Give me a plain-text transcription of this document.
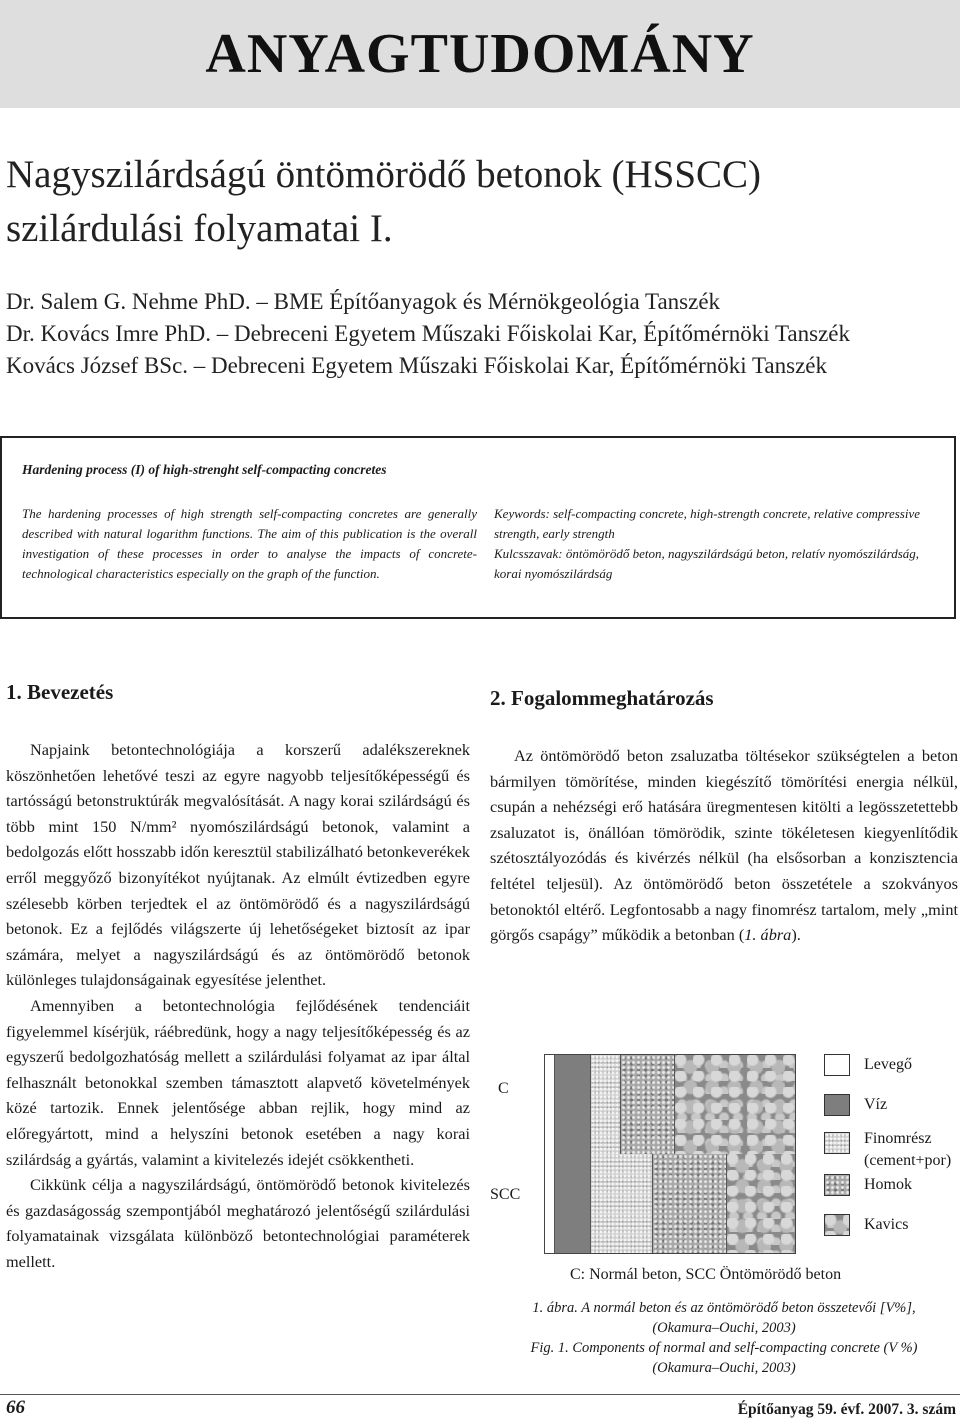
ANYAGTUDOMÁNY
Nagyszilárdságú öntömörödő betonok (HSSCC)
szilárdulási folyamatai I.
Dr. Salem G. Nehme PhD. – BME Építőanyagok és Mérnökgeológia Tanszék
Dr. Kovács Imre PhD. – Debreceni Egyetem Műszaki Főiskolai Kar, Építőmérnöki Tanszék
Kovács József BSc. – Debreceni Egyetem Műszaki Főiskolai Kar, Építőmérnöki Tanszék
Hardening process (I) of high-strenght self-compacting concretes
The hardening processes of high strength self-compacting concretes are generally described with natural logarithm functions. The aim of this publication is the overall investigation of these processes in order to analyse the impacts of concrete-technological characteristics especially on the graph of the function.
Keywords: self-compacting concrete, high-strength concrete, relative compressive strength, early strength
Kulcsszavak: öntömörödő beton, nagyszilárdságú beton, relatív nyomószilárdság, korai nyomószilárdság
1. Bevezetés	2. Fogalommeghatározás

Napjaink betontechnológiája a korszerű adalékszereknek köszönhetően lehetővé teszi az egyre nagyobb teljesítőképességű és tartósságú betonstruktúrák megvalósítását. A nagy korai szilárdságú és több mint 150 N/mm² nyomószilárdságú betonok, valamint a bedolgozás előtt hosszabb időn keresztül stabilizálható betonkeverékek erről meggyőző bizonyítékot nyújtanak. Az elmúlt évtizedben egyre szélesebb körben terjedtek el az öntömörödő és a nagyszilárdságú betonok. Ez a fejlődés világszerte új lehetőségeket biztosít az ipar számára, melyet a nagyszilárdságú és az öntömörödő betonok különleges tulajdonságainak egyesítése jelenthet.

Amennyiben a betontechnológia fejlődésének tendenciáit figyelemmel kísérjük, ráébredünk, hogy a nagy teljesítőképesség és az egyszerű bedolgozhatóság mellett a szilárdulási folyamat az ipar által felhasznált betonokkal szemben támasztott alapvető követelmények közé tartozik. Ennek jelentősége abban rejlik, hogy mind az előregyártott, mind a helyszíni betonok esetében a nagy korai szilárdság a gyártás, valamint a kivitelezés idejét csökkentheti.

Cikkünk célja a nagyszilárdságú, öntömörödő betonok kivitelezés és gazdaságosság szempontjából meghatározó jelentőségű szilárdulási folyamatainak vizsgálata különböző betontechnológiai paraméterek mellett.

Az öntömörödő beton zsaluzatba töltésekor szükségtelen a beton bármilyen tömörítése, minden kiegészítő tömörítési energia nélkül, csupán a nehézségi erő hatására üregmentesen kitölti a legösszetettebb zsaluzatot is, önállóan tömörödik, szinte tökéletesen kiegyenlítődik szétosztályozódás és kivérzés nélkül (ha elsősorban a konzisztencia feltétel teljesül). Az öntömörödő beton összetétele a szokványos betonoktól eltérő. Legfontosabb a nagy finomrész tartalom, mely „mint görgős csapágy” működik a betonban (1. ábra).

C
SCC
Levegő
Víz
Finomrész (cement+por)
Homok
Kavics
C: Normál beton, SCC Öntömörödő beton
1. ábra. A normál beton és az öntömörödő beton összetevői [V%],
(Okamura–Ouchi, 2003)
Fig. 1. Components of normal and self-compacting concrete (V %)
(Okamura–Ouchi, 2003)
66	Építőanyag 59. évf. 2007. 3. szám
